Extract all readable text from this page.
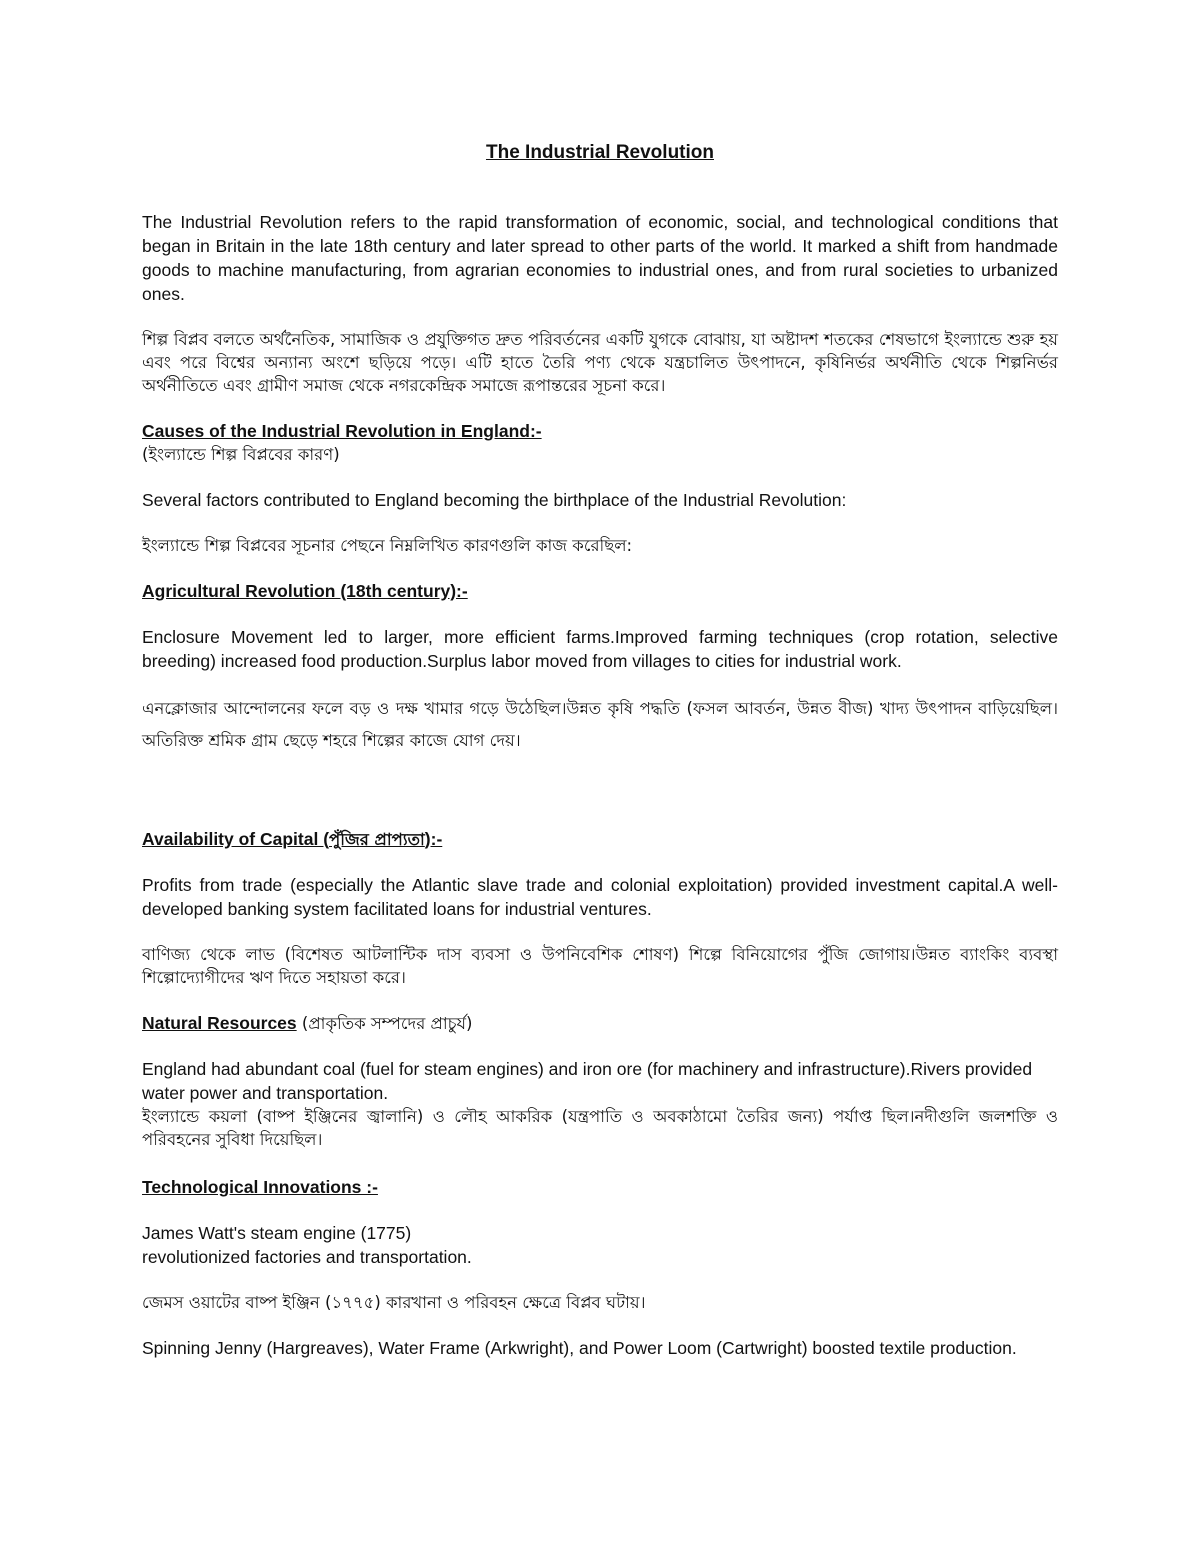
The Industrial Revolution

The Industrial Revolution refers to the rapid transformation of economic, social, and technological conditions that began in Britain in the late 18th century and later spread to other parts of the world. It marked a shift from handmade goods to machine manufacturing, from agrarian economies to industrial ones, and from rural societies to urbanized ones.

শিল্প বিপ্লব বলতে অর্থনৈতিক, সামাজিক ও প্রযুক্তিগত দ্রুত পরিবর্তনের একটি যুগকে বোঝায়, যা অষ্টাদশ শতকের শেষভাগে ইংল্যান্ডে শুরু হয় এবং পরে বিশ্বের অন্যান্য অংশে ছড়িয়ে পড়ে। এটি হাতে তৈরি পণ্য থেকে যন্ত্রচালিত উৎপাদনে, কৃষিনির্ভর অর্থনীতি থেকে শিল্পনির্ভর অর্থনীতিতে এবং গ্রামীণ সমাজ থেকে নগরকেন্দ্রিক সমাজে রূপান্তরের সূচনা করে।

Causes of the Industrial Revolution in England:-

(ইংল্যান্ডে শিল্প বিপ্লবের কারণ)

Several factors contributed to England becoming the birthplace of the Industrial Revolution:

ইংল্যান্ডে শিল্প বিপ্লবের সূচনার পেছনে নিম্নলিখিত কারণগুলি কাজ করেছিল:

Agricultural Revolution (18th century):-

Enclosure Movement led to larger, more efficient farms.Improved farming techniques (crop rotation, selective breeding) increased food production.Surplus labor moved from villages to cities for industrial work.

এনক্লোজার আন্দোলনের ফলে বড় ও দক্ষ খামার গড়ে উঠেছিল।উন্নত কৃষি পদ্ধতি (ফসল আবর্তন, উন্নত বীজ) খাদ্য উৎপাদন বাড়িয়েছিল।অতিরিক্ত শ্রমিক গ্রাম ছেড়ে শহরে শিল্পের কাজে যোগ দেয়।

Availability of Capital (পুঁজির প্রাপ্যতা):-

Profits from trade (especially the Atlantic slave trade and colonial exploitation) provided investment capital.A well-developed banking system facilitated loans for industrial ventures.

বাণিজ্য থেকে লাভ (বিশেষত আটলান্টিক দাস ব্যবসা ও উপনিবেশিক শোষণ) শিল্পে বিনিয়োগের পুঁজি জোগায়।উন্নত ব্যাংকিং ব্যবস্থা শিল্পোদ্যোগীদের ঋণ দিতে সহায়তা করে।

Natural Resources (প্রাকৃতিক সম্পদের প্রাচুর্য)

England had abundant coal (fuel for steam engines) and iron ore (for machinery and infrastructure).Rivers provided water power and transportation.

ইংল্যান্ডে কয়লা (বাষ্প ইঞ্জিনের জ্বালানি) ও লৌহ আকরিক (যন্ত্রপাতি ও অবকাঠামো তৈরির জন্য) পর্যাপ্ত ছিল।নদীগুলি জলশক্তি ও পরিবহনের সুবিধা দিয়েছিল।

Technological Innovations :-

James Watt's steam engine (1775)

revolutionized factories and transportation.

জেমস ওয়াটের বাষ্প ইঞ্জিন (১৭৭৫) কারখানা ও পরিবহন ক্ষেত্রে বিপ্লব ঘটায়।

Spinning Jenny (Hargreaves), Water Frame (Arkwright), and Power Loom (Cartwright) boosted textile production.
